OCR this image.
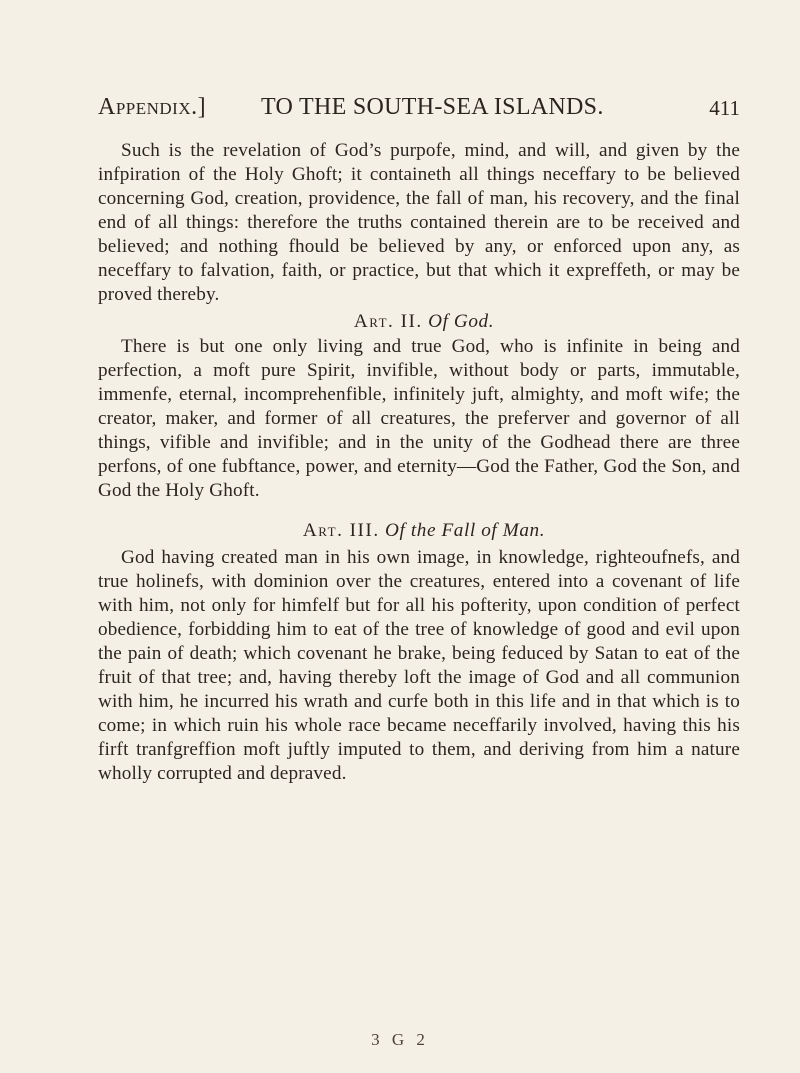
Appendix.] TO THE SOUTH-SEA ISLANDS.	411

Such is the revelation of God’s purpofe, mind, and will, and given by the infpiration of the Holy Ghoft; it containeth all things neceffary to be believed concerning God, creation, providence, the fall of man, his recovery, and the final end of all things: therefore the truths contained therein are to be received and believed; and nothing fhould be believed by any, or enforced upon any, as neceffary to falvation, faith, or practice, but that which it expreffeth, or may be proved thereby.

Art. II. Of God.

There is but one only living and true God, who is infinite in being and perfection, a moft pure Spirit, invifible, without body or parts, immutable, immenfe, eternal, incomprehenfible, infinitely juft, almighty, and moft wife; the creator, maker, and former of all creatures, the preferver and governor of all things, vifible and invifible; and in the unity of the Godhead there are three perfons, of one fubftance, power, and eternity—God the Father, God the Son, and God the Holy Ghoft.

Art. III. Of the Fall of Man.

God having created man in his own image, in knowledge, righteoufnefs, and true holinefs, with dominion over the creatures, entered into a covenant of life with him, not only for himfelf but for all his pofterity, upon condition of perfect obedience, forbidding him to eat of the tree of knowledge of good and evil upon the pain of death; which covenant he brake, being feduced by Satan to eat of the fruit of that tree; and, having thereby loft the image of God and all communion with him, he incurred his wrath and curfe both in this life and in that which is to come; in which ruin his whole race became neceffarily involved, having this his firft tranfgreffion moft juftly imputed to them, and deriving from him a nature wholly corrupted and depraved.

3 G 2
